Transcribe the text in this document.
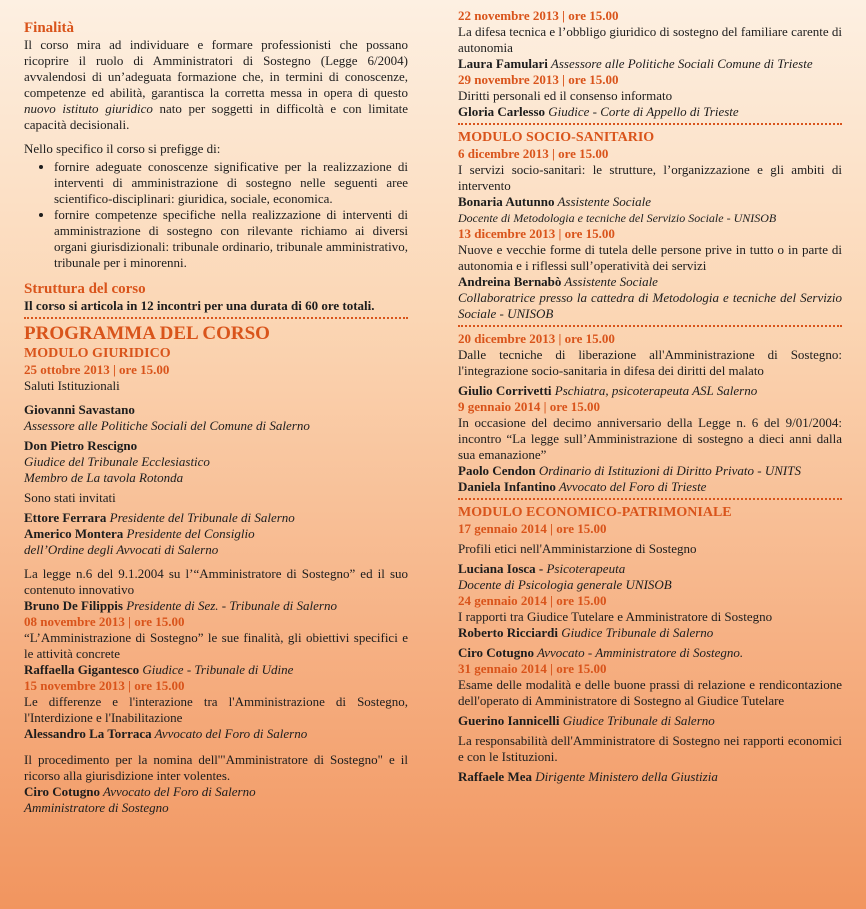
Finalità

Il corso mira ad individuare e formare professionisti che possano ricoprire il ruolo di Amministratori di Sostegno (Legge 6/2004) avvalendosi di un’adeguata formazione che, in termini di conoscenze, competenze ed abilità, garantisca la corretta messa in opera di questo nuovo istituto giuridico nato per soggetti in difficoltà e con limitate capacità decisionali.

Nello specifico il corso si prefigge di:

• fornire adeguate conoscenze significative per la realizzazione di interventi di amministrazione di sostegno nelle seguenti aree scientifico-disciplinari: giuridica, sociale, economica.
• fornire competenze specifiche nella realizzazione di interventi di amministrazione di sostegno con rilevante richiamo ai diversi organi giurisdizionali: tribunale ordinario, tribunale amministrativo, tribunale per i minorenni.
Struttura del corso

Il corso si articola in 12 incontri per una durata di 60 ore totali.

PROGRAMMA DEL CORSO
MODULO GIURIDICO
25 ottobre 2013 | ore 15.00

Saluti Istituzionali

Giovanni Savastano

Assessore alle Politiche Sociali del Comune di Salerno

Don Pietro Rescigno

Giudice del Tribunale Ecclesiastico

Membro de La tavola Rotonda

Sono stati invitati

Ettore Ferrara Presidente del Tribunale di Salerno

Americo Montera Presidente del Consiglio

dell’Ordine degli Avvocati di Salerno

La legge n.6 del 9.1.2004 su l’“Amministratore di Sostegno” ed il suo contenuto innovativo

Bruno De Filippis Presidente di Sez. - Tribunale di Salerno

08 novembre 2013 | ore 15.00

“L’Amministrazione di Sostegno” le sue finalità, gli obiettivi specifici e le attività concrete

Raffaella Gigantesco Giudice - Tribunale di Udine

15 novembre 2013 | ore 15.00

Le differenze e l'interazione tra l'Amministrazione di Sostegno, l'Interdizione e l'Inabilitazione

Alessandro La Torraca Avvocato del Foro di Salerno

Il procedimento per la nomina dell'"Amministratore di Sostegno" e il ricorso alla giurisdizione inter volentes.

Ciro Cotugno Avvocato del Foro di Salerno

Amministratore di Sostegno

22 novembre 2013 | ore 15.00

La difesa tecnica e l’obbligo giuridico di sostegno del familiare carente di autonomia

Laura Famulari Assessore alle Politiche Sociali Comune di Trieste

29 novembre 2013 | ore 15.00

Diritti personali ed il consenso informato

Gloria Carlesso Giudice - Corte di Appello di Trieste

MODULO SOCIO-SANITARIO
6 dicembre 2013 | ore 15.00

I servizi socio-sanitari: le strutture, l’organizzazione e gli ambiti di intervento

Bonaria Autunno Assistente Sociale

Docente di Metodologia e tecniche del Servizio Sociale - UNISOB

13 dicembre 2013 | ore 15.00

Nuove e vecchie forme di tutela delle persone prive in tutto o in parte di autonomia e i riflessi sull’operatività dei servizi

Andreina Bernabò Assistente Sociale

Collaboratrice presso la cattedra di Metodologia e tecniche del Servizio Sociale - UNISOB

20 dicembre 2013 | ore 15.00

Dalle tecniche di liberazione all'Amministrazione di Sostegno: l'integrazione socio-sanitaria in difesa dei diritti del malato

Giulio Corrivetti Pschiatra, psicoterapeuta ASL Salerno

9 gennaio 2014 | ore 15.00

In occasione del decimo anniversario della Legge n. 6 del 9/01/2004: incontro “La legge sull’Amministrazione di sostegno a dieci anni dalla sua emanazione”

Paolo Cendon Ordinario di Istituzioni di Diritto Privato - UNITS

Daniela Infantino Avvocato del Foro di Trieste

MODULO ECONOMICO-PATRIMONIALE
17 gennaio 2014 | ore 15.00

Profili etici nell'Amministarzione di Sostegno

Luciana Iosca - Psicoterapeuta

Docente di Psicologia generale UNISOB

24 gennaio 2014 | ore 15.00

I rapporti tra Giudice Tutelare e Amministratore di Sostegno

Roberto Ricciardi Giudice Tribunale di Salerno

Ciro Cotugno Avvocato - Amministratore di Sostegno.

31 gennaio 2014 | ore 15.00

Esame delle modalità e delle buone prassi di relazione e rendicontazione dell'operato di Amministratore di Sostegno al Giudice Tutelare

Guerino Iannicelli Giudice Tribunale di Salerno

La responsabilità dell'Amministratore di Sostegno nei rapporti economici e con le Istituzioni.

Raffaele Mea Dirigente Ministero della Giustizia
